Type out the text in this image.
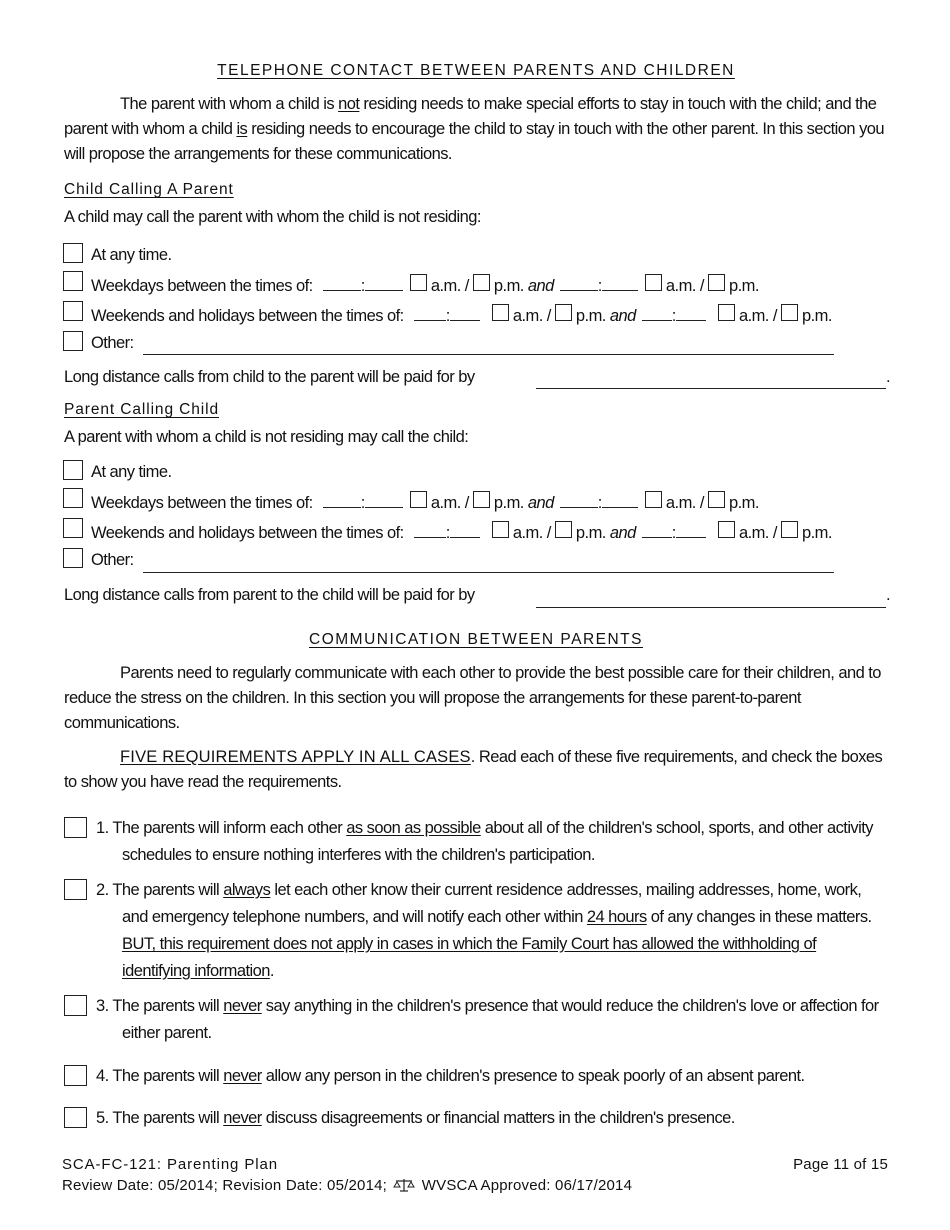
TELEPHONE CONTACT BETWEEN PARENTS AND CHILDREN
The parent with whom a child is not residing needs to make special efforts to stay in touch with the child; and the parent with whom a child is residing needs to encourage the child to stay in touch with the other parent. In this section you will propose the arrangements for these communications.
Child Calling A Parent
A child may call the parent with whom the child is not residing:
At any time.
Weekdays between the times of:	:	a.m. / p.m. and	:	a.m. / p.m.
Weekends and holidays between the times of:	:	a.m. / p.m. and :	a.m. / p.m.
Other:
Long distance calls from child to the parent will be paid for by	.
Parent Calling Child
A parent with whom a child is not residing may call the child:
At any time.
Weekdays between the times of:	:	a.m. / p.m. and	:	a.m. / p.m.
Weekends and holidays between the times of:	:	a.m. / p.m. and :	a.m. / p.m.
Other:
Long distance calls from parent to the child will be paid for by	.
COMMUNICATION BETWEEN PARENTS
Parents need to regularly communicate with each other to provide the best possible care for their children, and to reduce the stress on the children. In this section you will propose the arrangements for these parent-to-parent communications.
FIVE REQUIREMENTS APPLY IN ALL CASES. Read each of these five requirements, and check the boxes to show you have read the requirements.
1. The parents will inform each other as soon as possible about all of the children's school, sports, and other activity schedules to ensure nothing interferes with the children's participation.
2. The parents will always let each other know their current residence addresses, mailing addresses, home, work, and emergency telephone numbers, and will notify each other within 24 hours of any changes in these matters. BUT, this requirement does not apply in cases in which the Family Court has allowed the withholding of identifying information.
3. The parents will never say anything in the children's presence that would reduce the children's love or affection for either parent.
4. The parents will never allow any person in the children's presence to speak poorly of an absent parent.
5. The parents will never discuss disagreements or financial matters in the children's presence.
SCA-FC-121: Parenting Plan	Page 11 of 15
Review Date: 05/2014; Revision Date: 05/2014; WVSCA Approved: 06/17/2014
